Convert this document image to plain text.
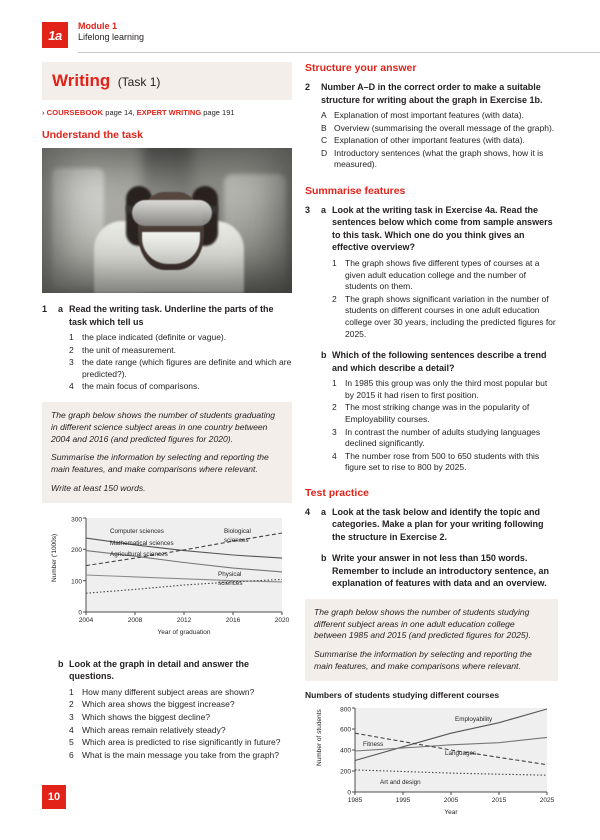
1a
Module 1
Lifelong learning
Writing (Task 1)
› COURSEBOOK page 14, EXPERT WRITING page 191
Understand the task
1	a Read the writing task. Underline the parts of the task which tell us
1 the place indicated (definite or vague).
2 the unit of measurement.
3 the date range (which figures are definite and which are predicted?).
4 the main focus of comparisons.

The graph below shows the number of students graduating in different science subject areas in one country between 2004 and 2016 (and predicted figures for 2020).

Summarise the information by selecting and reporting the main features, and make comparisons where relevant.

Write at least 150 words.

0
100
200
300
2004	2008	2012	2016	2020
Number ('1000s)
Year of graduation
Computer sciences
Mathematical sciences
Agricultural sciences
Biological
sciences
Physical
sciences
b Look at the graph in detail and answer the questions.
1 How many different subject areas are shown?
2 Which area shows the biggest increase?
3 Which shows the biggest decline?
4 Which areas remain relatively steady?
5 Which area is predicted to rise significantly in future?
6 What is the main message you take from the graph?
Structure your answer
2	Number A–D in the correct order to make a suitable structure for writing about the graph in Exercise 1b.
A Explanation of most important features (with data).
B Overview (summarising the overall message of the graph).
C Explanation of other important features (with data).
D Introductory sentences (what the graph shows, how it is measured).
Summarise features
3	a Look at the writing task in Exercise 4a. Read the sentences below which come from sample answers to this task. Which one do you think gives an effective overview?
1 The graph shows five different types of courses at a given adult education college and the number of students on them.
2 The graph shows significant variation in the number of students on different courses in one adult education college over 30 years, including the predicted figures for 2025.
b Which of the following sentences describe a trend and which describe a detail?
1 In 1985 this group was only the third most popular but by 2015 it had risen to first position.
2 The most striking change was in the popularity of Employability courses.
3 In contrast the number of adults studying languages declined significantly.
4 The number rose from 500 to 650 students with this figure set to rise to 800 by 2025.
Test practice
4	a Look at the task below and identify the topic and categories. Make a plan for your writing following the structure in Exercise 2.
b Write your answer in not less than 150 words. Remember to include an introductory sentence, an explanation of features with data and an overview.

The graph below shows the number of students studying different subject areas in one adult education college between 1985 and 2015 (and predicted figures for 2025).

Summarise the information by selecting and reporting the main features, and make comparisons where relevant.

Numbers of students studying different courses
0
200
400
600
800
1985	1995	2005	2015	2025
Number of students
Year
Employability
Fitness
Languages
Art and design
10
